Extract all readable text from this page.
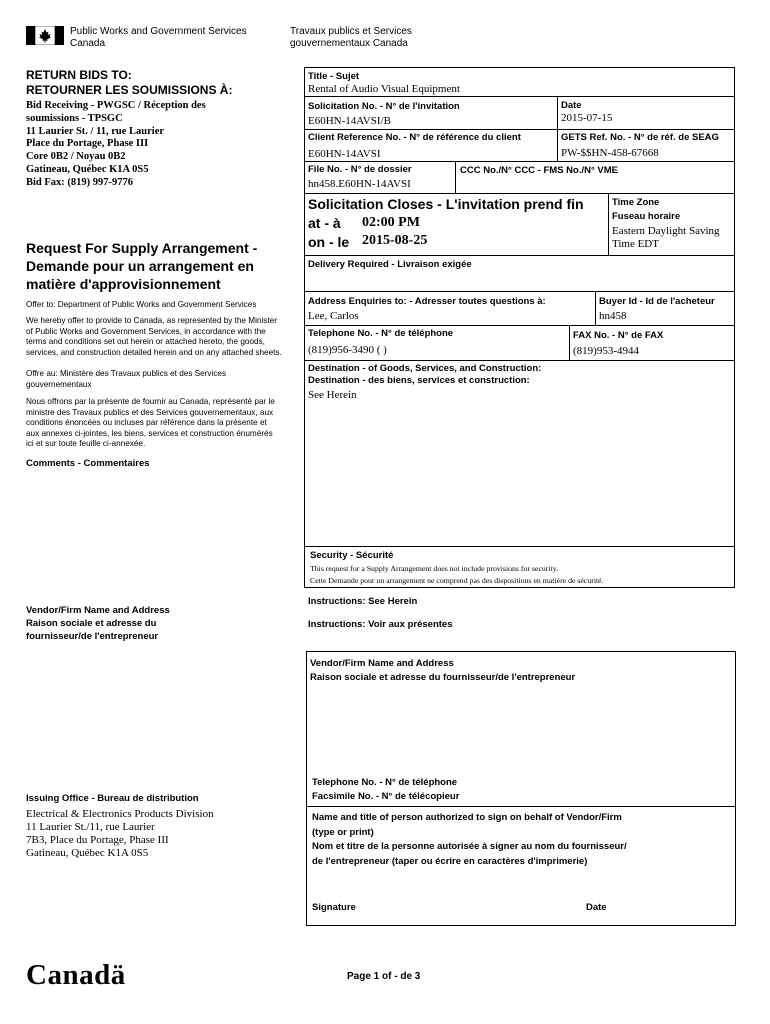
Public Works and Government Services
Canada
Travaux publics et Services
gouvernementaux Canada
RETURN BIDS TO:
RETOURNER LES SOUMISSIONS À:
Bid Receiving - PWGSC / Réception des
soumissions - TPSGC
11 Laurier St. / 11, rue Laurier
Place du Portage, Phase III
Core 0B2 / Noyau 0B2
Gatineau, Québec K1A 0S5
Bid Fax: (819) 997-9776
Request For Supply Arrangement -
Demande pour un arrangement en
matière d'approvisionnement
Offer to: Department of Public Works and Government Services
We hereby offer to provide to Canada, as represented by the Minister
of Public Works and Government Services, in accordance with the
terms and conditions set out herein or attached hereto, the goods,
services, and construction detailed herein and on any attached sheets.
Offre au: Ministère des Travaux publics et des Services
gouvernementaux
Nous offrons par la présente de fournir au Canada, représenté par le
ministre des Travaux publics et des Services gouvernementaux, aux
conditions énoncées ou incluses par référence dans la présente et
aux annexes ci-jointes, les biens, services et construction énumérés
ici et sur toute feuille ci-annexée.
Comments - Commentaires
Vendor/Firm Name and Address
Raison sociale et adresse du
fournisseur/de l'entrepreneur
Issuing Office - Bureau de distribution
Electrical & Electronics Products Division
11 Laurier St./11, rue Laurier
7B3, Place du Portage, Phase III
Gatineau, Québec K1A 0S5
Title - Sujet
Rental of Audio Visual Equipment
Solicitation No. - N° de l'invitation
E60HN-14AVSI/B
Date
2015-07-15
Client Reference No. - N° de référence du client
E60HN-14AVSI
GETS Ref. No. - N° de réf. de SEAG
PW-$$HN-458-67668
File No. - N° de dossier
hn458.E60HN-14AVSI
CCC No./N° CCC - FMS No./N° VME
Solicitation Closes - L'invitation prend fin
at - à 02:00 PM
on - le 2015-08-25
Time Zone
Fuseau horaire
Eastern Daylight Saving
Time EDT
Delivery Required - Livraison exigée
Address Enquiries to: - Adresser toutes questions à:
Lee, Carlos
Buyer Id - Id de l'acheteur
hn458
Telephone No. - N° de téléphone
(819)956-3490 ( )
FAX No. - N° de FAX
(819)953-4944
Destination - of Goods, Services, and Construction:
Destination - des biens, services et construction:
See Herein
Security - Sécurité
This request for a Supply Arrangement does not include provisions for security.
Cette Demande pour un arrangement ne comprend pas des dispositions en matière de sécurité.
Instructions: See Herein
Instructions: Voir aux présentes
Vendor/Firm Name and Address
Raison sociale et adresse du fournisseur/de l'entrepreneur
Telephone No. - N° de téléphone
Facsimile No. - N° de télécopieur
Name and title of person authorized to sign on behalf of Vendor/Firm
(type or print)
Nom et titre de la personne autorisée à signer au nom du fournisseur/
de l'entrepreneur (taper ou écrire en caractères d'imprimerie)
Signature	Date
Canadä	Page 1 of - de 3
